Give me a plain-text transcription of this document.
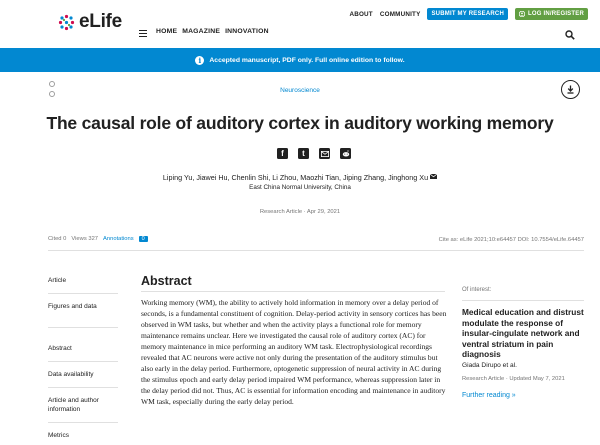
eLife	ABOUT COMMUNITY	SUBMIT MY RESEARCH	LOG IN/REGISTER
HOME MAGAZINE INNOVATION
i	Accepted manuscript, PDF only. Full online edition to follow.
Neuroscience
The causal role of auditory cortex in auditory working memory
f	t
Liping Yu, Jiawei Hu, Chenlin Shi, Li Zhou, Maozhi Tian, Jiping Zhang, Jinghong Xu
East China Normal University, China
Research Article · Apr 29, 2021
Cited 0 Views 327 Annotations	0	Cite as: eLife 2021;10:e64457 DOI: 10.7554/eLife.64457
Article
Figures and data
Abstract
Data availability
Article and author information
Metrics
Abstract

Working memory (WM), the ability to actively hold information in memory over a delay period of seconds, is a fundamental constituent of cognition. Delay-period activity in sensory cortices has been observed in WM tasks, but whether and when the activity plays a functional role for memory maintenance remains unclear. Here we investigated the causal role of auditory cortex (AC) for memory maintenance in mice performing an auditory WM task. Electrophysiological recordings revealed that AC neurons were active not only during the presentation of the auditory stimulus but also early in the delay period. Furthermore, optogenetic suppression of neural activity in AC during the stimulus epoch and early delay period impaired WM performance, whereas suppression later in the delay period did not. Thus, AC is essential for information encoding and maintenance in auditory WM task, especially during the early delay period.

Of interest:
Medical education and distrust modulate the response of insular-cingulate network and ventral striatum in pain diagnosis
Giada Dirupo et al.
Research Article · Updated May 7, 2021
Further reading »
